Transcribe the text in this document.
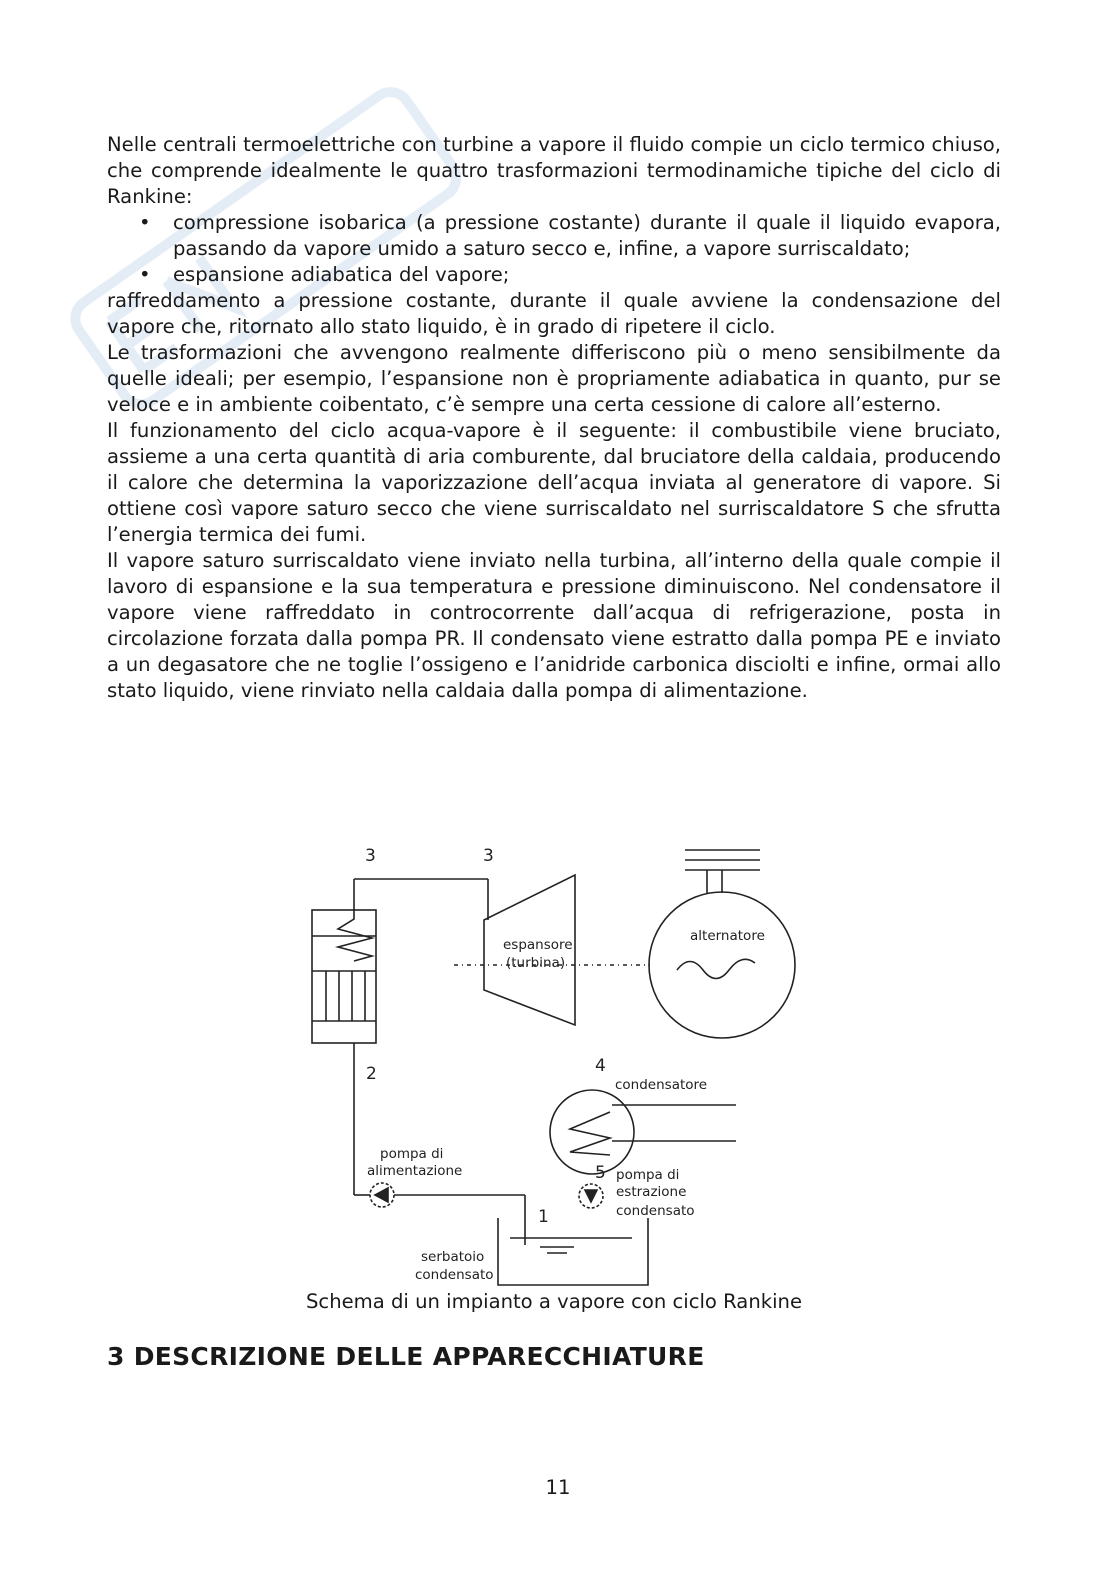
Nelle centrali termoelettriche con turbine a vapore il fluido compie un ciclo termico chiuso, che comprende idealmente le quattro trasformazioni termodinamiche tipiche del ciclo di Rankine:

• compressione isobarica (a pressione costante) durante il quale il liquido evapora, passando da vapore umido a saturo secco e, infine, a vapore surriscaldato;
• espansione adiabatica del vapore;

raffreddamento a pressione costante, durante il quale avviene la condensazione del vapore che, ritornato allo stato liquido, è in grado di ripetere il ciclo.

Le trasformazioni che avvengono realmente differiscono più o meno sensibilmente da quelle ideali; per esempio, l’espansione non è propriamente adiabatica in quanto, pur se veloce e in ambiente coibentato, c’è sempre una certa cessione di calore all’esterno.

Il funzionamento del ciclo acqua-vapore è il seguente: il combustibile viene bruciato, assieme a una certa quantità di aria comburente, dal bruciatore della caldaia, producendo il calore che determina la vaporizzazione dell’acqua inviata al generatore di vapore. Si ottiene così vapore saturo secco che viene surriscaldato nel surriscaldatore S che sfrutta l’energia termica dei fumi.

Il vapore saturo surriscaldato viene inviato nella turbina, all’interno della quale compie il lavoro di espansione e la sua temperatura e pressione diminuiscono. Nel condensatore il vapore viene raffreddato in controcorrente dall’acqua di refrigerazione, posta in circolazione forzata dalla pompa PR. Il condensato viene estratto dalla pompa PE e inviato a un degasatore che ne toglie l’ossigeno e l’anidride carbonica disciolti e infine, ormai allo stato liquido, viene rinviato nella caldaia dalla pompa di alimentazione.

3	3
2	4
5
1
espansore
(turbina)
alternatore
condensatore
pompa di
alimentazione	pompa di
estrazione
condensato
serbatoio
condensato
Schema di un impianto a vapore con ciclo Rankine
3 DESCRIZIONE DELLE APPARECCHIATURE
11
